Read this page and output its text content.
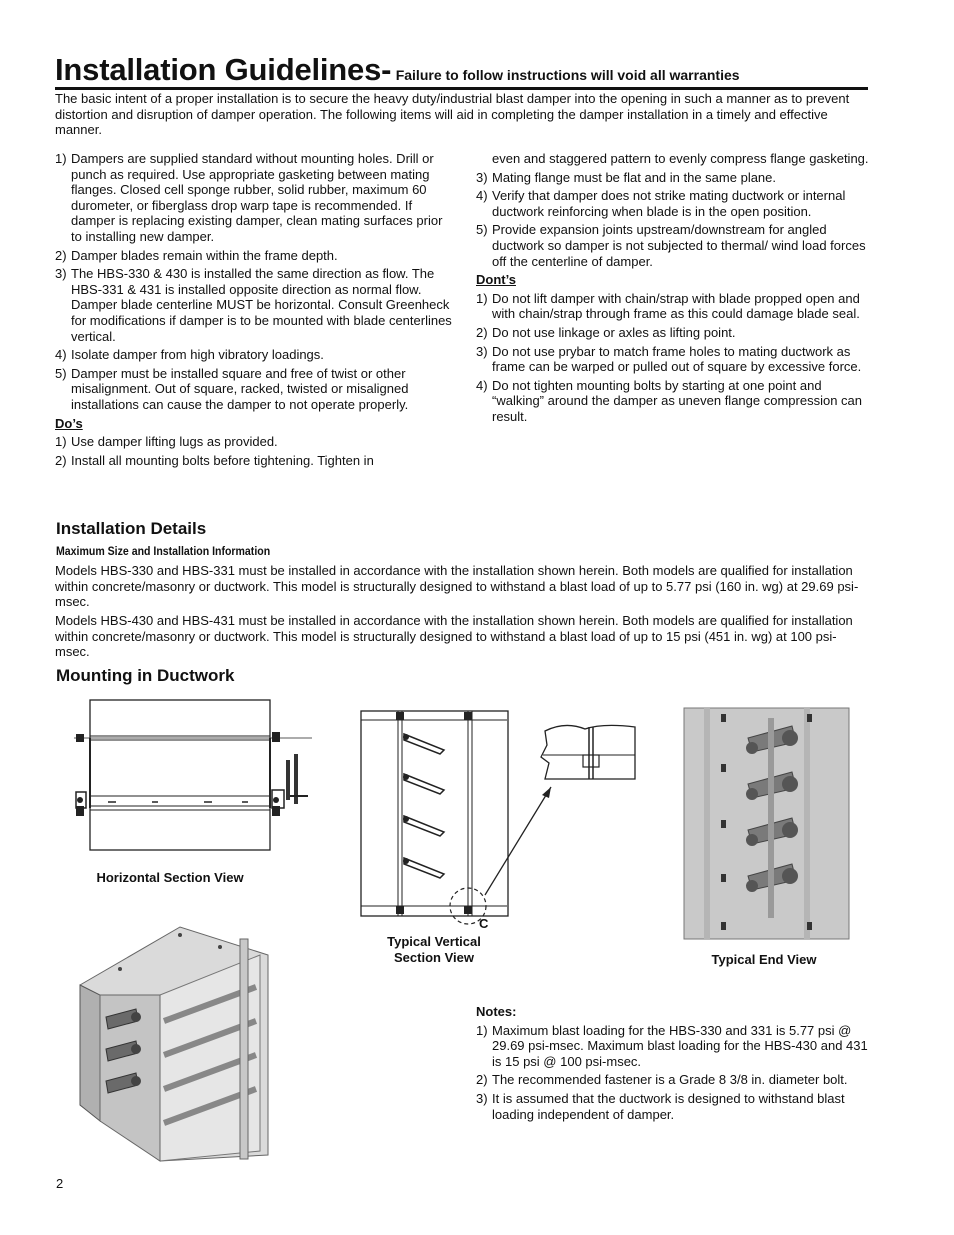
Installation Guidelines- Failure to follow instructions will void all warranties
The basic intent of a proper installation is to secure the heavy duty/industrial blast damper into the opening in such a manner as to prevent distortion and disruption of damper operation. The following items will aid in completing the damper installation in a timely and effective manner.
1) Dampers are supplied standard without mounting holes. Drill or punch as required. Use appropriate gasketing between mating flanges. Closed cell sponge rubber, solid rubber, maximum 60 durometer, or fiberglass drop warp tape is recommended. If damper is replacing existing damper, clean mating surfaces prior to installing new damper.
2) Damper blades remain within the frame depth.
3) The HBS-330 & 430 is installed the same direction as flow. The HBS-331 & 431 is installed opposite direction as normal flow. Damper blade centerline MUST be horizontal. Consult Greenheck for modifications if damper is to be mounted with blade centerlines vertical.
4) Isolate damper from high vibratory loadings.
5) Damper must be installed square and free of twist or other misalignment. Out of square, racked, twisted or misaligned installations can cause the damper to not operate properly.
Do’s
1) Use damper lifting lugs as provided.
2) Install all mounting bolts before tightening. Tighten in
even and staggered pattern to evenly compress flange gasketing.
3) Mating flange must be flat and in the same plane.
4) Verify that damper does not strike mating ductwork or internal ductwork reinforcing when blade is in the open position.
5) Provide expansion joints upstream/downstream for angled ductwork so damper is not subjected to thermal/ wind load forces off the centerline of damper.
Dont’s
1) Do not lift damper with chain/strap with blade propped open and with chain/strap through frame as this could damage blade seal.
2) Do not use linkage or axles as lifting point.
3) Do not use prybar to match frame holes to mating ductwork as frame can be warped or pulled out of square by excessive force.
4) Do not tighten mounting bolts by starting at one point and “walking” around the damper as uneven flange compression can result.
Installation Details
Maximum Size and Installation Information
Models HBS-330 and HBS-331 must be installed in accordance with the installation shown herein. Both models are qualified for installation within concrete/masonry or ductwork. This model is structurally designed to withstand a blast load of up to 5.77 psi (160 in. wg) at 29.69 psi-msec.
Models HBS-430 and HBS-431 must be installed in accordance with the installation shown herein. Both models are qualified for installation within concrete/masonry or ductwork. This model is structurally designed to withstand a blast load of up to 15 psi (451 in. wg) at 100 psi-msec.
Mounting in Ductwork
Horizontal Section View
C
Typical Vertical
Section View	Typical End View
Notes:
1) Maximum blast loading for the HBS-330 and 331 is 5.77 psi @ 29.69 psi-msec. Maximum blast loading for the HBS-430 and 431 is 15 psi @ 100 psi-msec.
2) The recommended fastener is a Grade 8 3/8 in. diameter bolt.
3) It is assumed that the ductwork is designed to withstand blast loading independent of damper.
2
